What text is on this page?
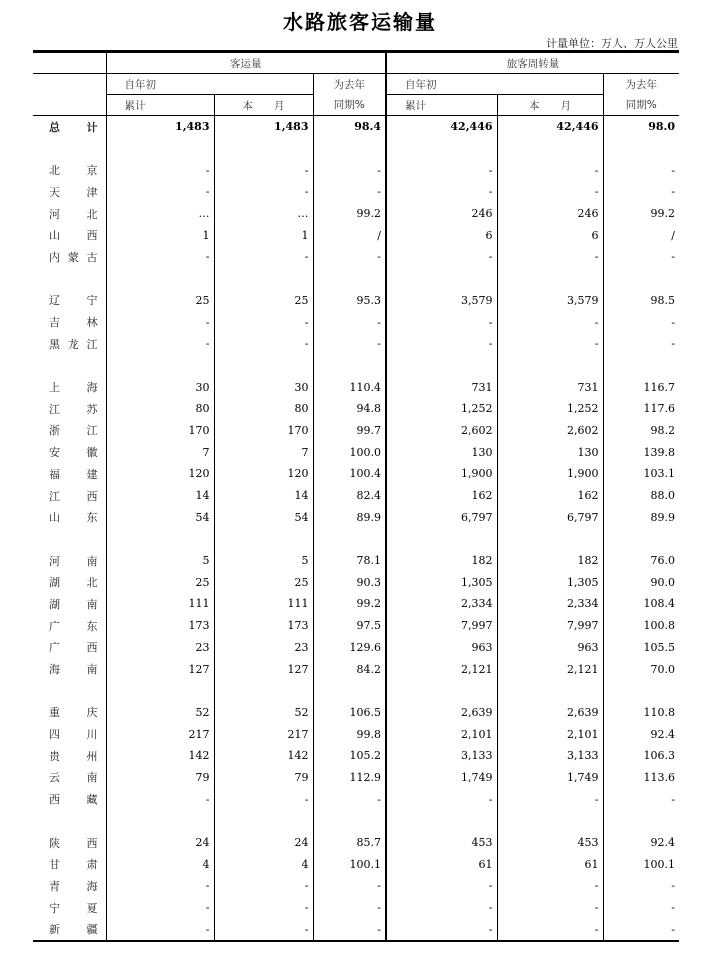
水路旅客运输量
计量单位：万人、万人公里
	客运量			旅客周转量		
	自年初		为去年	自年初		为去年
	累计	本　　月	同期%	累计	本　　月	同期%
总　计	1,483	1,483	98.4	42,446	42,446	98.0

北京	-	-	-	-	-	-
天津	-	-	-	-	-	-
河北	…	…	99.2	246	246	99.2
山西	1	1	/	6	6	/
内蒙古	-	-	-	-	-	-

辽宁	25	25	95.3	3,579	3,579	98.5
吉林	-	-	-	-	-	-
黑龙江	-	-	-	-	-	-

上海	30	30	110.4	731	731	116.7
江苏	80	80	94.8	1,252	1,252	117.6
浙江	170	170	99.7	2,602	2,602	98.2
安徽	7	7	100.0	130	130	139.8
福建	120	120	100.4	1,900	1,900	103.1
江西	14	14	82.4	162	162	88.0
山东	54	54	89.9	6,797	6,797	89.9

河南	5	5	78.1	182	182	76.0
湖北	25	25	90.3	1,305	1,305	90.0
湖南	111	111	99.2	2,334	2,334	108.4
广东	173	173	97.5	7,997	7,997	100.8
广西	23	23	129.6	963	963	105.5
海南	127	127	84.2	2,121	2,121	70.0

重庆	52	52	106.5	2,639	2,639	110.8
四川	217	217	99.8	2,101	2,101	92.4
贵州	142	142	105.2	3,133	3,133	106.3
云南	79	79	112.9	1,749	1,749	113.6
西藏	-	-	-	-	-	-

陕西	24	24	85.7	453	453	92.4
甘肃	4	4	100.1	61	61	100.1
青海	-	-	-	-	-	-
宁夏	-	-	-	-	-	-
新疆	-	-	-	-	-	-
